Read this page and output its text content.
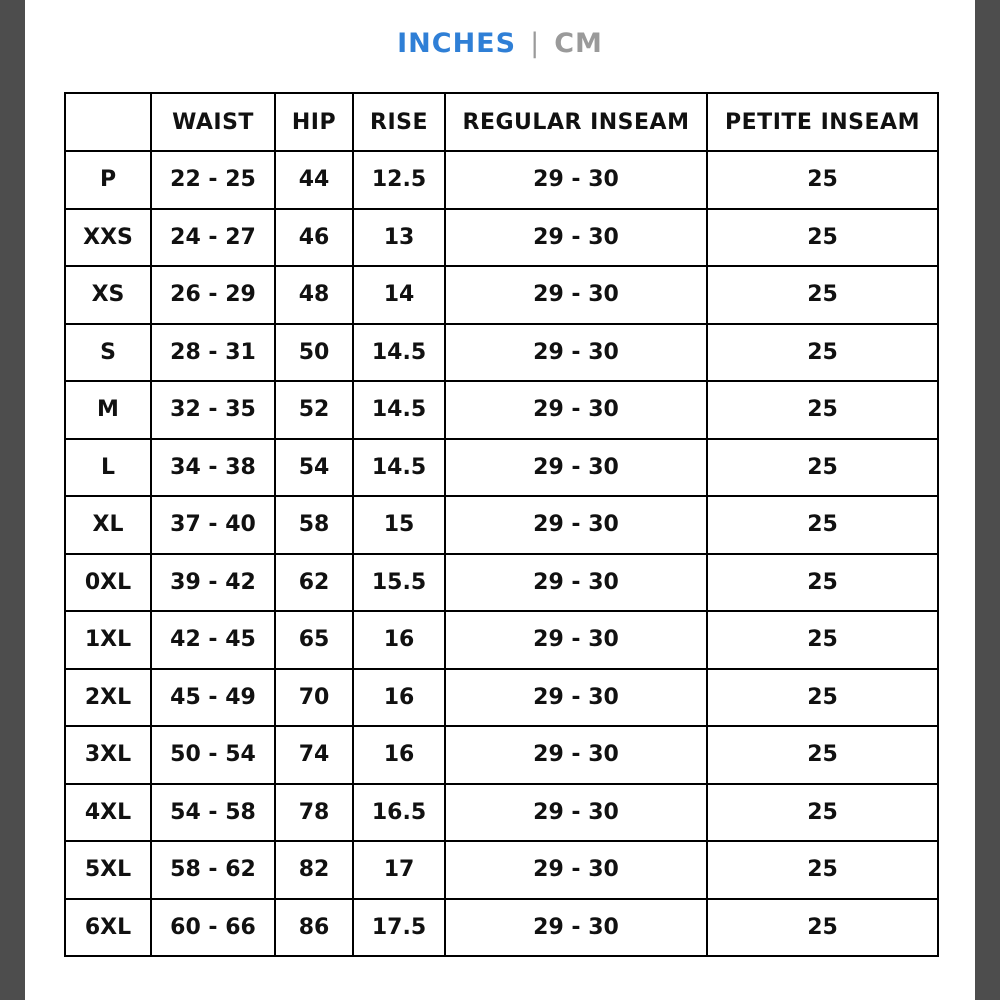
INCHES | CM
	WAIST	HIP	RISE	REGULAR INSEAM	PETITE INSEAM
P	22 - 25	44	12.5	29 - 30	25
XXS	24 - 27	46	13	29 - 30	25
XS	26 - 29	48	14	29 - 30	25
S	28 - 31	50	14.5	29 - 30	25
M	32 - 35	52	14.5	29 - 30	25
L	34 - 38	54	14.5	29 - 30	25
XL	37 - 40	58	15	29 - 30	25
0XL	39 - 42	62	15.5	29 - 30	25
1XL	42 - 45	65	16	29 - 30	25
2XL	45 - 49	70	16	29 - 30	25
3XL	50 - 54	74	16	29 - 30	25
4XL	54 - 58	78	16.5	29 - 30	25
5XL	58 - 62	82	17	29 - 30	25
6XL	60 - 66	86	17.5	29 - 30	25
